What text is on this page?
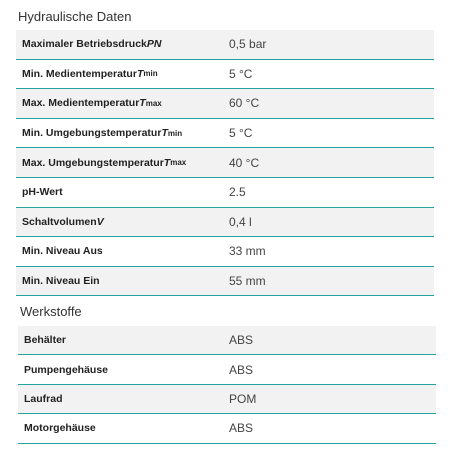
Hydraulische Daten
Maximaler Betriebsdruck PN	0,5 bar
Min. Medientemperatur T min	5 °C
Max. Medientemperatur T max	60 °C
Min. Umgebungstemperatur T min	5 °C
Max. Umgebungstemperatur T max	40 °C
pH-Wert	2.5
Schaltvolumen V	0,4 l
Min. Niveau Aus	33 mm
Min. Niveau Ein	55 mm
Werkstoffe
Behälter	ABS
Pumpengehäuse	ABS
Laufrad	POM
Motorgehäuse	ABS
